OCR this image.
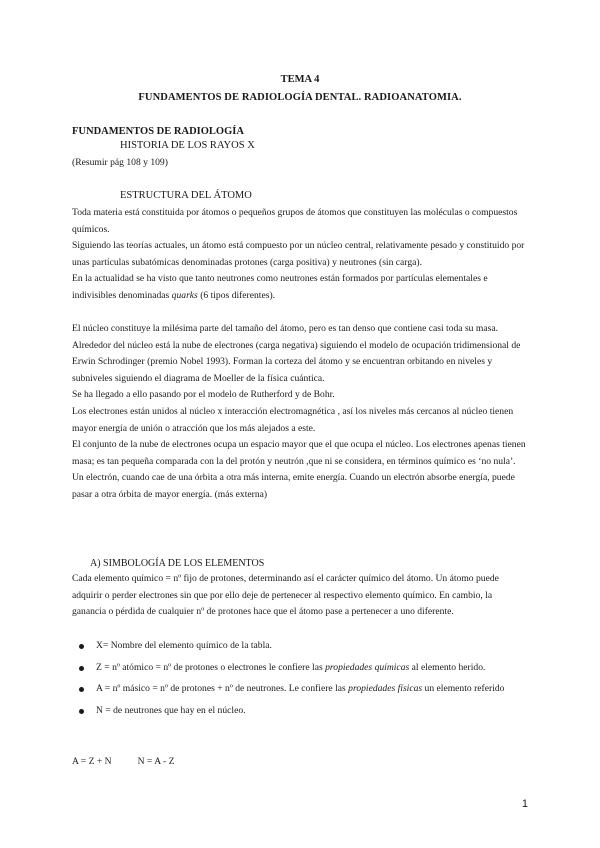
TEMA 4
FUNDAMENTOS DE RADIOLOGÍA DENTAL. RADIOANATOMIA.
FUNDAMENTOS DE RADIOLOGÍA
HISTORIA DE LOS RAYOS X
(Resumir pág 108 y 109)
ESTRUCTURA DEL ÁTOMO

Toda materia está constituida por átomos o pequeños grupos de átomos que constituyen las moléculas o compuestos químicos.

Siguiendo las teorías actuales, un átomo está compuesto por un núcleo central, relativamente pesado y constituido por unas partículas subatómicas denominadas protones (carga positiva) y neutrones (sin carga).

En la actualidad se ha visto que tanto neutrones como neutrones están formados por partículas elementales e indivisibles denominadas quarks (6 tipos diferentes).

El núcleo constituye la milésima parte del tamaño del átomo, pero es tan denso que contiene casi toda su masa.

Alrededor del núcleo está la nube de electrones (carga negativa) siguiendo el modelo de ocupación tridimensional de Erwin Schrodinger (premio Nobel 1993). Forman la corteza del átomo y se encuentran orbitando en niveles y subniveles siguiendo el diagrama de Moeller de la física cuántica.

Se ha llegado a ello pasando por el modelo de Rutherford y de Bohr.

Los electrones están unidos al núcleo x interacción electromagnética , así los niveles más cercanos al núcleo tienen mayor energía de unión o atracción que los más alejados a este.

El conjunto de la nube de electrones ocupa un espacio mayor que el que ocupa el núcleo. Los electrones apenas tienen masa; es tan pequeña comparada con la del protón y neutrón ,que ni se considera, en términos químico es ‘no nula’.

Un electrón, cuando cae de una órbita a otra más interna, emite energía. Cuando un electrón absorbe energía, puede pasar a otra órbita de mayor energía. (más externa)

A) SIMBOLOGÍA DE LOS ELEMENTOS
Cada elemento químico = nº fijo de protones, determinando así el carácter químico del átomo. Un átomo puede adquirir o perder electrones sin que por ello deje de pertenecer al respectivo elemento químico. En cambio, la ganancia o pérdida de cualquier nº de protones hace que el átomo pase a pertenecer a uno diferente.

X= Nombre del elemento químico de la tabla.

Z = nº atómico = nº de protones o electrones le confiere las propiedades químicas al elemento herido.

A = nº másico = nº de protones + nº de neutrones. Le confiere las propiedades físicas un elemento referido

N = de neutrones que hay en el núcleo.

A = Z + N	N = A - Z
1
